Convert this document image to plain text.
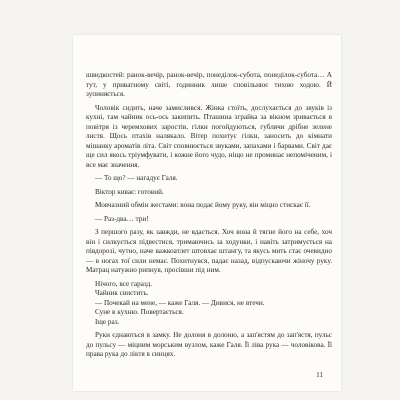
швидкостей: ранок-вечір, ранок-вечір, понеділок-субота, понеділок-субота… А тут, у приватному світі, годинник лише сповільнює тихою ходою. Й зупиняється.

Чоловік сидить, наче замислився. Жінка стоїть, дослухається до звуків із кухні, там чайник ось-ось закипить. Пташина зграйка за вікном зривається в повітря із черемхових заростів, гілки погойдуються, гублячи дрібне зелене листя. Щось птахів налякало. Вітер похитує гілки, заносить до кімнати мішанку ароматів літа. Світ сповнюється звуками, запахами і барвами. Світ дає ще сил якось тріумфувати, і кожне його чудо, ніщо не проминає непоміченим, і все має значення.

— То що? — нагадує Галя.

Віктор киває: готовий.

Мовчазний обмін жестами: вона подає йому руку, він міцно стискає її.

— Раз-два… три!

З першого разу, як завжди, не вдається. Хоч вона й тягне його на себе, хоч він і силкується підвестися, тримаючись за ходунки, і навіть затримується на півдорозі, чутно, наче важкоатлет штовхає штангу, та якусь мить стає очевидно — в ногах тої сили немає. Похитнувся, падає назад, відпускаючи жіночу руку. Матрац натужно рипнув, просівши під ним.

Нічого, все гаразд.

Чайник свистить.

— Почекай на мене, — каже Галя. — Дивися, не втечи.

Суне в кухню. Повертається.

Іще раз.

Руки єднаються в замку. Не долоня в долоню, а зап'ястям до зап'ястя, пульс до пульсу — міцним морським вузлом, каже Галя. Її ліва рука — чоловікова. Її права рука до ліктя в синцях.

11
